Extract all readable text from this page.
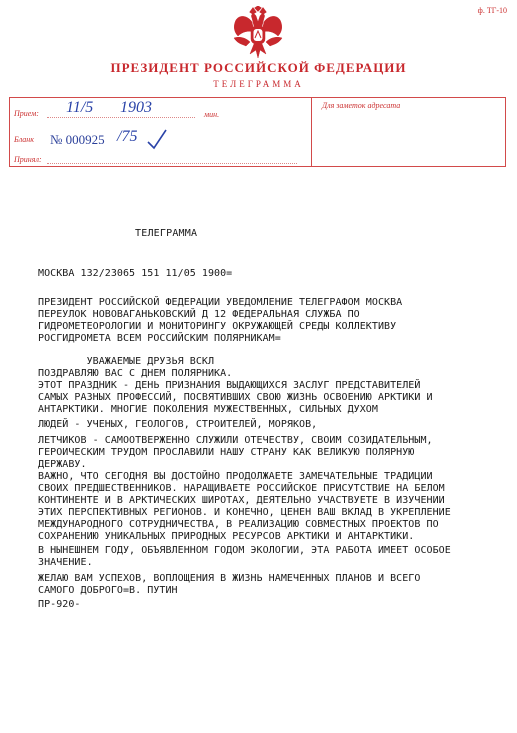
ф. ТГ-10
ПРЕЗИДЕНТ РОССИЙСКОЙ ФЕДЕРАЦИИ
ТЕЛЕГРАММА
Прием:	мин.
11/5 1903
Бланк № 000925 /75
Принял:
Для заметок адресата
ТЕЛЕГРАММА
МОСКВА 132/23065 151 11/05 1900=
ПРЕЗИДЕНТ РОССИЙСКОЙ ФЕДЕРАЦИИ УВЕДОМЛЕНИЕ ТЕЛЕГРАФОМ МОСКВА
ПЕРЕУЛОК НОВОВАГАНЬКОВСКИЙ Д 12 ФЕДЕРАЛЬНАЯ СЛУЖБА ПО
ГИДРОМЕТЕОРОЛОГИИ И МОНИТОРИНГУ ОКРУЖАЮЩЕЙ СРЕДЫ КОЛЛЕКТИВУ
РОСГИДРОМЕТА ВСЕМ РОССИЙСКИМ ПОЛЯРНИКАМ=
УВАЖАЕМЫЕ ДРУЗЬЯ ВСКЛ
ПОЗДРАВЛЯЮ ВАС С ДНЕМ ПОЛЯРНИКА.
ЭТОТ ПРАЗДНИК - ДЕНЬ ПРИЗНАНИЯ ВЫДАЮЩИХСЯ ЗАСЛУГ ПРЕДСТАВИТЕЛЕЙ
САМЫХ РАЗНЫХ ПРОФЕССИЙ, ПОСВЯТИВШИХ СВОЮ ЖИЗНЬ ОСВОЕНИЮ АРКТИКИ И
АНТАРКТИКИ. МНОГИЕ ПОКОЛЕНИЯ МУЖЕСТВЕННЫХ, СИЛЬНЫХ ДУХОМ
ЛЮДЕЙ - УЧЕНЫХ, ГЕОЛОГОВ, СТРОИТЕЛЕЙ, МОРЯКОВ,
ЛЕТЧИКОВ - САМООТВЕРЖЕННО СЛУЖИЛИ ОТЕЧЕСТВУ, СВОИМ СОЗИДАТЕЛЬНЫМ,
ГЕРОИЧЕСКИМ ТРУДОМ ПРОСЛАВИЛИ НАШУ СТРАНУ КАК ВЕЛИКУЮ ПОЛЯРНУЮ
ДЕРЖАВУ.
ВАЖНО, ЧТО СЕГОДНЯ ВЫ ДОСТОЙНО ПРОДОЛЖАЕТЕ ЗАМЕЧАТЕЛЬНЫЕ ТРАДИЦИИ
СВОИХ ПРЕДШЕСТВЕННИКОВ. НАРАЩИВАЕТЕ РОССИЙСКОЕ ПРИСУТСТВИЕ НА БЕЛОМ
КОНТИНЕНТЕ И В АРКТИЧЕСКИХ ШИРОТАХ, ДЕЯТЕЛЬНО УЧАСТВУЕТЕ В ИЗУЧЕНИИ
ЭТИХ ПЕРСПЕКТИВНЫХ РЕГИОНОВ. И КОНЕЧНО, ЦЕНЕН ВАШ ВКЛАД В УКРЕПЛЕНИЕ
МЕЖДУНАРОДНОГО СОТРУДНИЧЕСТВА, В РЕАЛИЗАЦИЮ СОВМЕСТНЫХ ПРОЕКТОВ ПО
СОХРАНЕНИЮ УНИКАЛЬНЫХ ПРИРОДНЫХ РЕСУРСОВ АРКТИКИ И АНТАРКТИКИ.
В НЫНЕШНЕМ ГОДУ, ОБЪЯВЛЕННОМ ГОДОМ ЭКОЛОГИИ, ЭТА РАБОТА ИМЕЕТ ОСОБОЕ
ЗНАЧЕНИЕ.
ЖЕЛАЮ ВАМ УСПЕХОВ, ВОПЛОЩЕНИЯ В ЖИЗНЬ НАМЕЧЕННЫХ ПЛАНОВ И ВСЕГО
САМОГО ДОБРОГО=В. ПУТИН
ПР-920-
